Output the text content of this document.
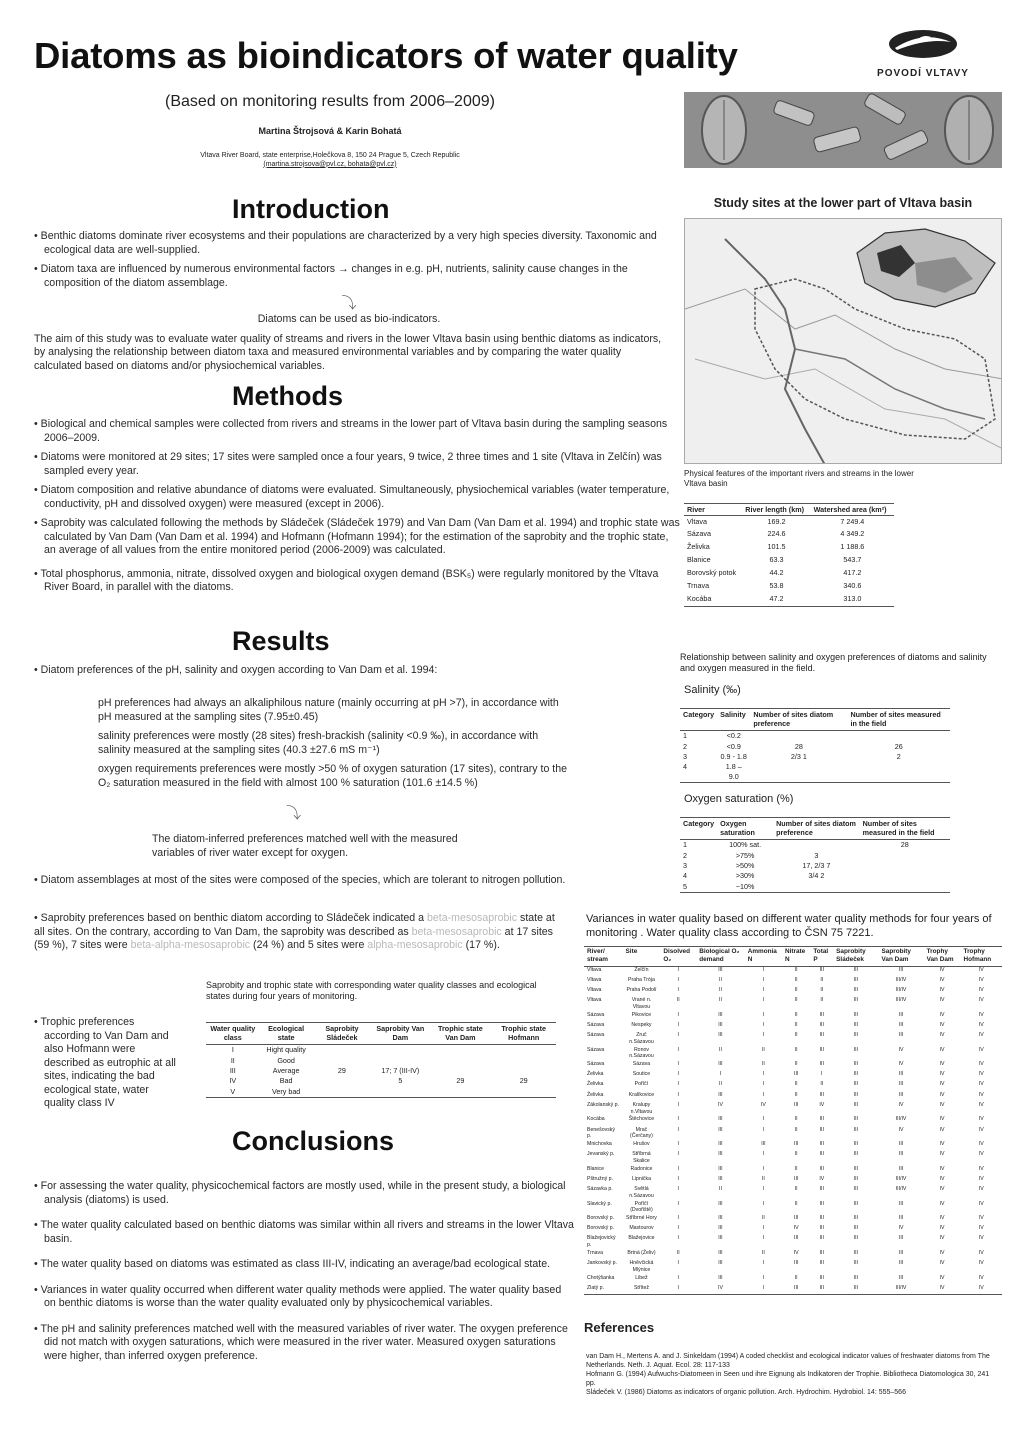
Diatoms as bioindicators of water quality
(Based on monitoring results from 2006–2009)
Martina Štrojsová & Karin Bohatá
Vltava River Board, state enterprise,Holečkova 8, 150 24 Prague 5, Czech Republic
(martina.strojsova@pvl.cz, bohata@pvl.cz)
POVODÍ VLTAVY
Introduction

• Benthic diatoms dominate river ecosystems and their populations are characterized by a very high species diversity. Taxonomic and ecological data are well-supplied.

• Diatom taxa are influenced by numerous environmental factors → changes in e.g. pH, nutrients, salinity cause changes in the composition of the diatom assemblage.

⤵
Diatoms can be used as bio-indicators.

The aim of this study was to evaluate water quality of streams and rivers in the lower Vltava basin using benthic diatoms as indicators, by analysing the relationship between diatom taxa and measured environmental variables and by comparing the water quality calculated based on diatoms and/or physiochemical variables.

Methods

• Biological and chemical samples were collected from rivers and streams in the lower part of Vltava basin during the sampling seasons 2006–2009.

• Diatoms were monitored at 29 sites; 17 sites were sampled once a four years, 9 twice, 2 three times and 1 site (Vltava in Zelčín) was sampled every year.

• Diatom composition and relative abundance of diatoms were evaluated. Simultaneously, physiochemical variables (water temperature, conductivity, pH and dissolved oxygen) were measured (except in 2006).

• Saprobity was calculated following the methods by Sládeček (Sládeček 1979) and Van Dam (Van Dam et al. 1994) and trophic state was calculated by Van Dam (Van Dam et al. 1994) and Hofmann (Hofmann 1994); for the estimation of the saprobity and the trophic state, an average of all values from the entire monitored period (2006-2009) was calculated.

• Total phosphorus, ammonia, nitrate, dissolved oxygen and biological oxygen demand (BSK₅) were regularly monitored by the Vltava River Board, in parallel with the diatoms.

Results

• Diatom preferences of the pH, salinity and oxygen according to Van Dam et al. 1994:

pH preferences had always an alkaliphilous nature (mainly occurring at pH >7), in accordance with pH measured at the sampling sites (7.95±0.45)

salinity preferences were mostly (28 sites) fresh-brackish (salinity <0.9 ‰), in accordance with salinity measured at the sampling sites (40.3 ±27.6 mS m⁻¹)

oxygen requirements preferences were mostly >50 % of oxygen saturation (17 sites), contrary to the O₂ saturation measured in the field with almost 100 % saturation (101.6 ±14.5 %)

⤵
The diatom-inferred preferences matched well with the measured variables of river water except for oxygen.

• Diatom assemblages at most of the sites were composed of the species, which are tolerant to nitrogen pollution.

• Saprobity preferences based on benthic diatom according to Sládeček indicated a beta-mesosaprobic state at all sites. On the contrary, according to Van Dam, the saprobity was described as beta-mesosaprobic at 17 sites (59 %), 7 sites were beta-alpha-mesosaprobic (24 %) and 5 sites were alpha-mesosaprobic (17 %).

• Trophic preferences according to Van Dam and also Hofmann were described as eutrophic at all sites, indicating the bad ecological state, water quality class IV

Saprobity and trophic state with corresponding water quality classes and ecological states during four years of monitoring.
Water quality class	Ecological state	Saprobity Sládeček	Saprobity Van Dam	Trophic state Van Dam	Trophic state Hofmann
I	Hight quality				
II	Good				
III	Average	29	17; 7 (III-IV)		
IV	Bad		5	29	29
V	Very bad				
Conclusions

• For assessing the water quality, physicochemical factors are mostly used, while in the present study, a biological analysis (diatoms) is used.

• The water quality calculated based on benthic diatoms was similar within all rivers and streams in the lower Vltava basin.

• The water quality based on diatoms was estimated as class III-IV, indicating an average/bad ecological state.

• Variances in water quality occurred when different water quality methods were applied. The water quality based on benthic diatoms is worse than the water quality evaluated only by physicochemical variables.

• The pH and salinity preferences matched well with the measured variables of river water. The oxygen preference did not match with oxygen saturations, which were measured in the river water. Measured oxygen saturations were higher, than inferred oxygen preference.

Study sites at the lower part of Vltava basin
Physical features of the important rivers and streams in the lower Vltava basin
River	River length (km)	Watershed area (km²)
Vltava	169.2	7 249.4
Sázava	224.6	4 349.2
Želivka	101.5	1 188.6
Blanice	63.3	543.7
Borovský potok	44.2	417.2
Trnava	53.8	340.6
Kocába	47.2	313.0
Relationship between salinity and oxygen preferences of diatoms and salinity and oxygen measured in the field.
Salinity (‰)
Category	Salinity	Number of sites diatom preference	Number of sites measured in the field
1	<0.2		
2	<0.9	28	26
3	0.9 - 1.8	2/3 1	2
4	1.8 – 9.0		
Oxygen saturation (%)
Category	Oxygen saturation	Number of sites diatom preference	Number of sites measured in the field
1	100% sat.		28
2	>75%	3	
3	>50%	17, 2/3 7	
4	>30%	3/4 2	
5	~10%		
Variances in water quality based on different water quality methods for four years of monitoring . Water quality class according to ČSN 75 7221.
River/ stream	Site	Disolved O₂	Biological O₂ demand	Ammonia N	Nitrate N	Total P	Saprobity Sládeček	Saprobity Van Dam	Trophy Van Dam	Trophy Hofmann
Vltava	Zelčín	I	III	I	II	III	III	III	IV	IV
Vltava	Praha Trója	I	II	I	II	II	III	III/IV	IV	IV
Vltava	Praha Podolí	I	II	I	II	II	III	III/IV	IV	IV
Vltava	Vrané n. Vltavou	II	II	I	II	II	III	III/IV	IV	IV
Sázava	Pikovice	I	III	I	II	III	III	III	IV	IV
Sázava	Nespeky	I	III	I	II	III	III	III	IV	IV
Sázava	Zruč n.Sázavou	I	III	I	II	III	III	III	IV	IV
Sázava	Ronov n.Sázavou	I	II	II	II	III	III	IV	IV	IV
Sázava	Sázava	I	III	II	II	III	III	IV	IV	IV
Želivka	Soutice	I	I	I	III	I	III	III	IV	IV
Želivka	Poříčí	I	II	I	II	II	III	III	IV	IV
Želivka	Kralíkovice	I	III	I	II	III	III	III	IV	IV
Zákolanský p.	Kralupy n.Vltavou	I	IV	IV	III	IV	III	IV	IV	IV
Kocába	Štěchovice	I	III	I	II	III	III	III/IV	IV	IV
Benešovský p.	Mrač (Čerčany)	I	III	I	II	III	III	IV	IV	IV
Mnichovka	Hrušov	I	III	III	III	III	III	III	IV	IV
Jevanský p.	Stříbrná Skalice	I	III	I	II	III	III	III	IV	IV
Blanice	Radonice	I	III	I	II	III	III	III	IV	IV
Pštružný p.	Lipnička	I	III	II	III	IV	III	III/IV	IV	IV
Sázavka p.	Světlá n.Sázavou	I	II	I	II	III	III	III/IV	IV	IV
Slavický p.	Poříčí (Dvořiště)	I	III	I	II	III	III	III	IV	IV
Borovský p.	Stříbrné Hory	I	III	II	III	III	III	III	IV	IV
Borovský p.	Mastourov	I	III	I	IV	III	III	IV	IV	IV
Blažejovický p.	Blažejovice	I	III	I	III	III	III	III	IV	IV
Trnava	Brtná (Želiv)	II	III	II	IV	III	III	III	IV	IV
Jankovský p.	Hněvčická Mlýnice	I	III	I	III	III	III	III	IV	IV
Chotýšanka	Libež	I	III	I	II	III	III	III	IV	IV
Zlatý p.	Střítež	I	IV	I	III	III	III	III/IV	IV	IV
References
van Dam H., Mertens A. and J. Sinkeldam (1994) A coded checklist and ecological indicator values of freshwater diatoms from The Netherlands. Neth. J. Aquat. Ecol. 28: 117-133
Hofmann G. (1994) Aufwuchs-Diatomeen in Seen und ihre Eignung als Indikatoren der Trophie. Bibliotheca Diatomologica 30, 241 pp.
Sládeček V. (1986) Diatoms as indicators of organic pollution. Arch. Hydrochim. Hydrobiol. 14: 555–566
